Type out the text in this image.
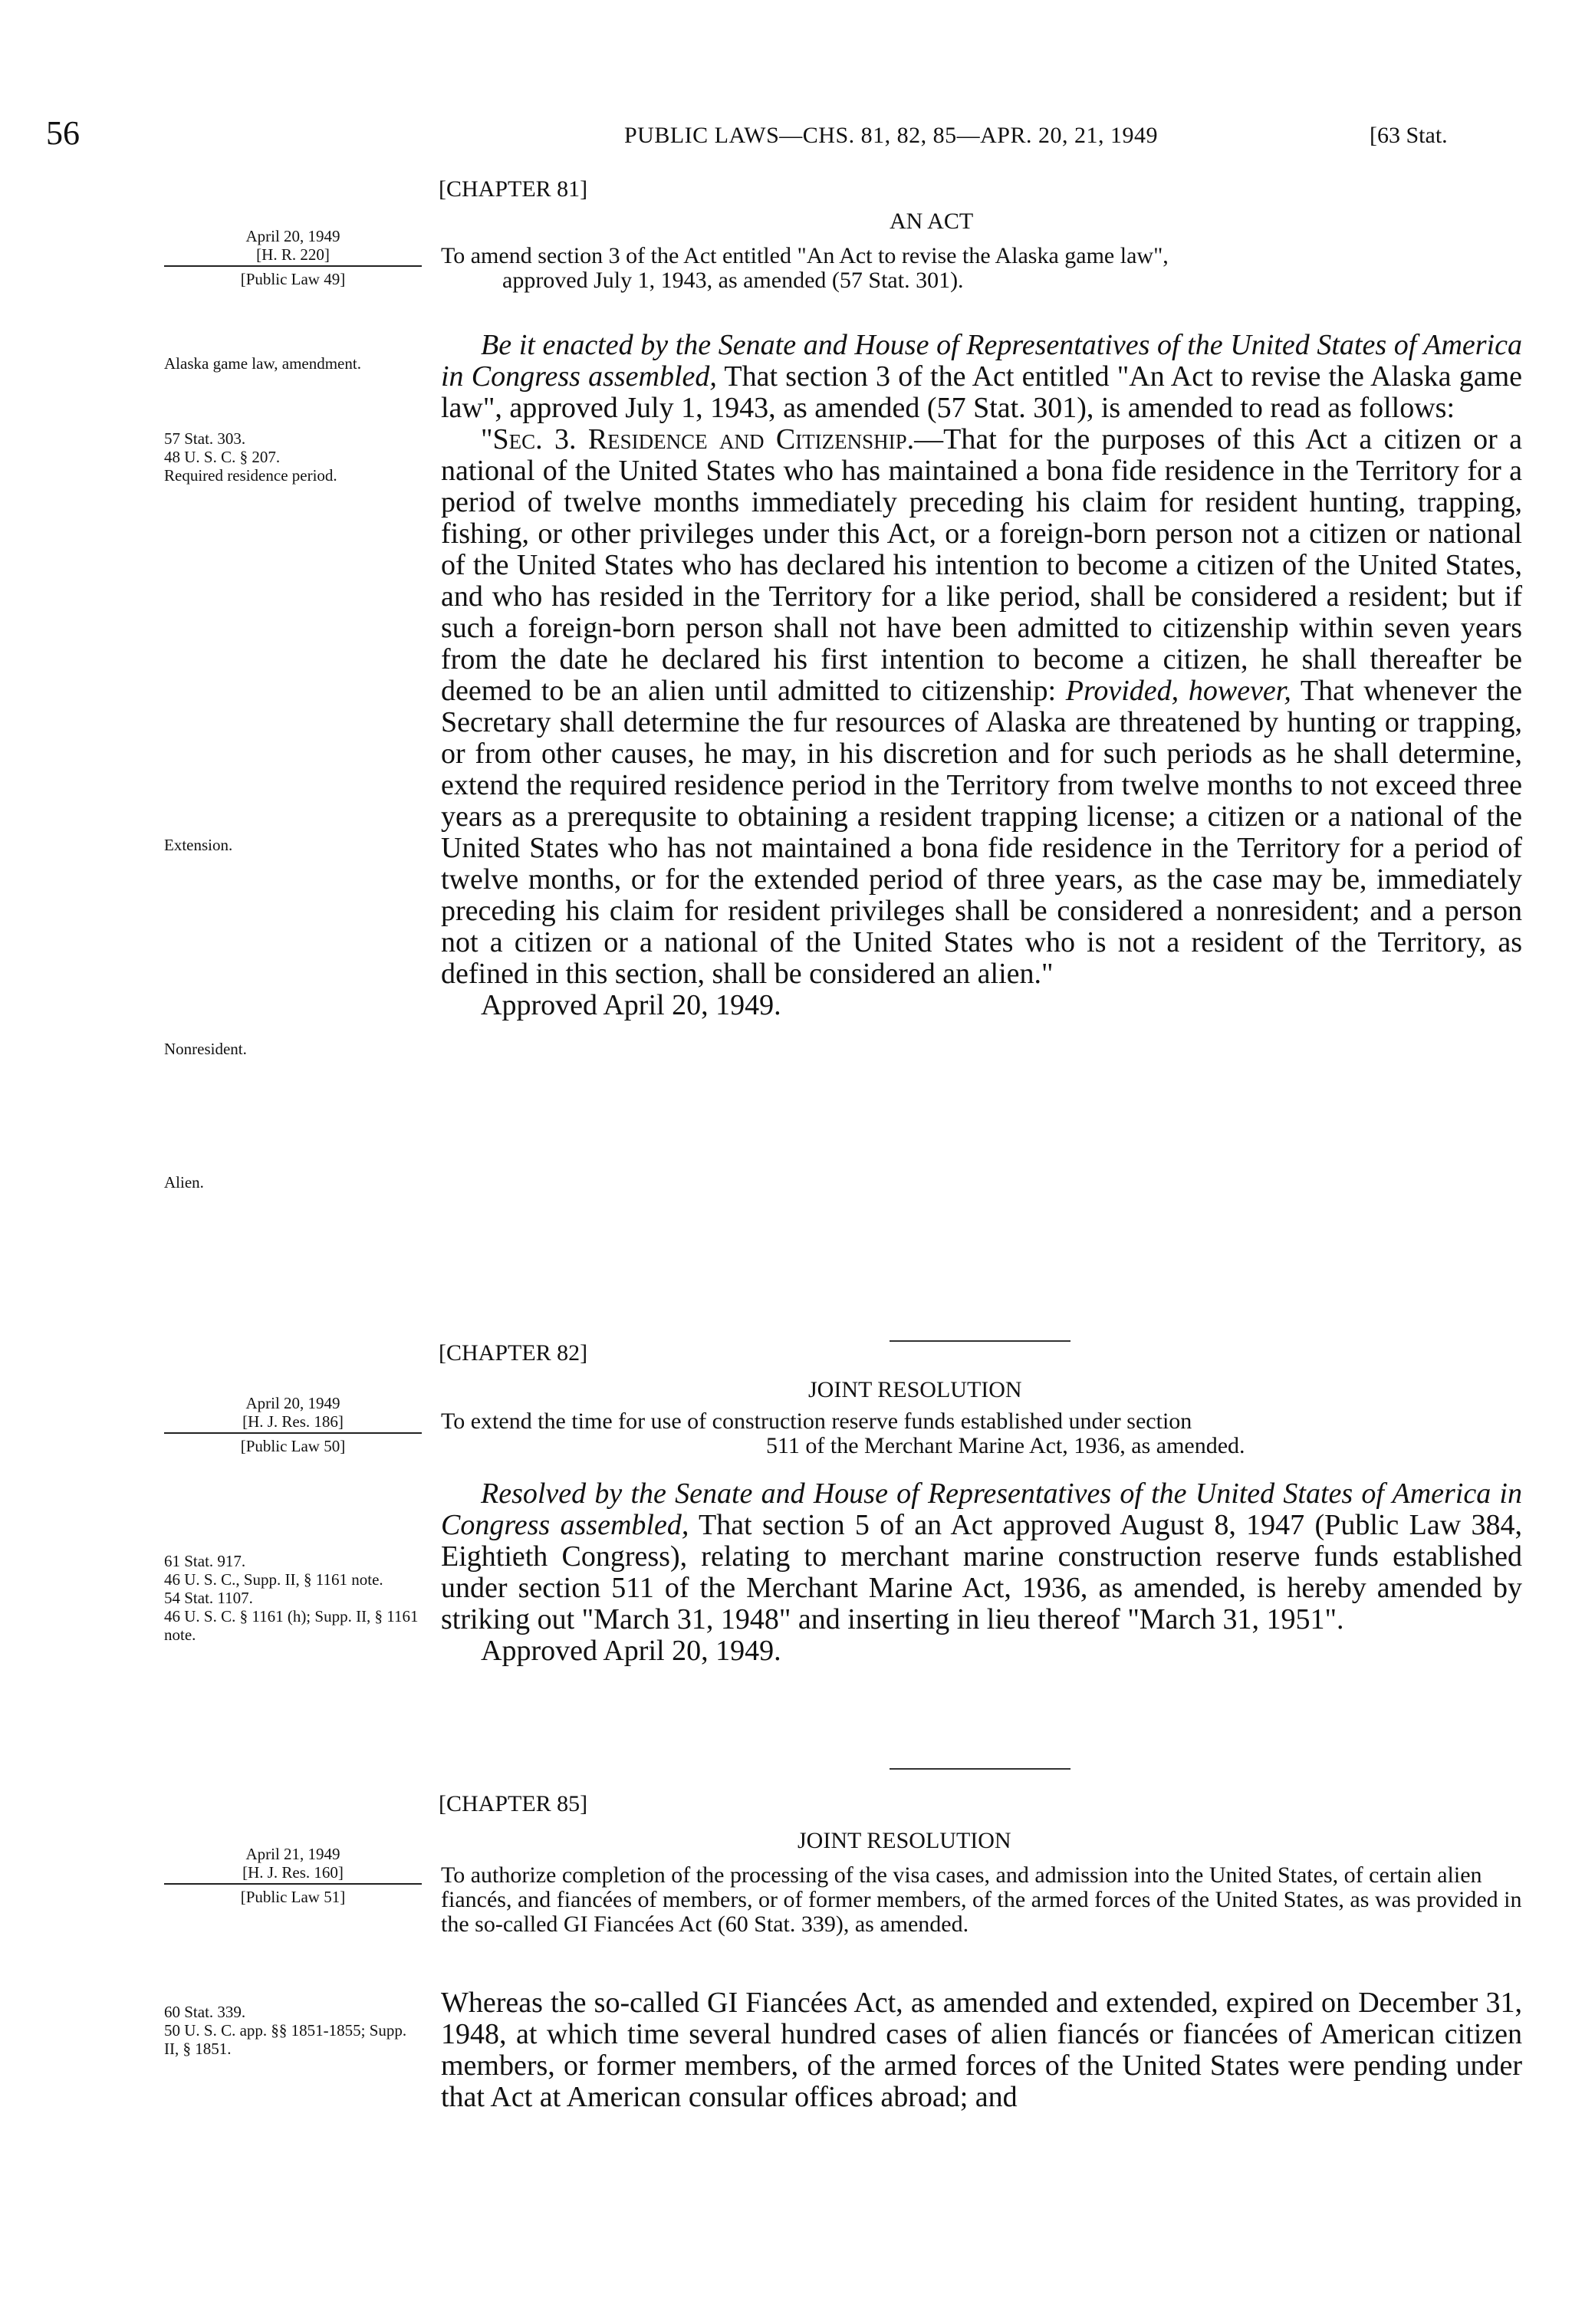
56	PUBLIC LAWS—CHS. 81, 82, 85—APR. 20, 21, 1949	[63 Stat.
[CHAPTER 81]
AN ACT
April 20, 1949
[H. R. 220]
[Public Law 49]
To amend section 3 of the Act entitled "An Act to revise the Alaska game law",
approved July 1, 1943, as amended (57 Stat. 301).
Alaska game law, amendment.
57 Stat. 303.
48 U. S. C. § 207.
Required residence period.
Extension.
Nonresident.
Alien.

Be it enacted by the Senate and House of Representatives of the United States of America in Congress assembled, That section 3 of the Act entitled "An Act to revise the Alaska game law", approved July 1, 1943, as amended (57 Stat. 301), is amended to read as follows:

"Sec. 3. Residence and Citizenship.—That for the purposes of this Act a citizen or a national of the United States who has maintained a bona fide residence in the Territory for a period of twelve months immediately preceding his claim for resident hunting, trapping, fishing, or other privileges under this Act, or a foreign-born person not a citizen or national of the United States who has declared his intention to become a citizen of the United States, and who has resided in the Territory for a like period, shall be considered a resident; but if such a foreign-born person shall not have been admitted to citizenship within seven years from the date he declared his first intention to become a citizen, he shall thereafter be deemed to be an alien until admitted to citizenship: Provided, however, That whenever the Secretary shall determine the fur resources of Alaska are threatened by hunting or trapping, or from other causes, he may, in his discretion and for such periods as he shall determine, extend the required residence period in the Territory from twelve months to not exceed three years as a prerequsite to obtaining a resident trapping license; a citizen or a national of the United States who has not maintained a bona fide residence in the Territory for a period of twelve months, or for the extended period of three years, as the case may be, immediately preceding his claim for resident privileges shall be considered a nonresident; and a person not a citizen or a national of the United States who is not a resident of the Territory, as defined in this section, shall be considered an alien."

Approved April 20, 1949.

[CHAPTER 82]
JOINT RESOLUTION
April 20, 1949
[H. J. Res. 186]
[Public Law 50]
To extend the time for use of construction reserve funds established under section
511 of the Merchant Marine Act, 1936, as amended.
61 Stat. 917.
46 U. S. C., Supp. II, § 1161 note.
54 Stat. 1107.
46 U. S. C. § 1161 (h); Supp. II, § 1161 note.

Resolved by the Senate and House of Representatives of the United States of America in Congress assembled, That section 5 of an Act approved August 8, 1947 (Public Law 384, Eightieth Congress), relating to merchant marine construction reserve funds established under section 511 of the Merchant Marine Act, 1936, as amended, is hereby amended by striking out "March 31, 1948" and inserting in lieu thereof "March 31, 1951".

Approved April 20, 1949.

[CHAPTER 85]
JOINT RESOLUTION
April 21, 1949
[H. J. Res. 160]
[Public Law 51]
To authorize completion of the processing of the visa cases, and admission into the United States, of certain alien fiancés, and fiancées of members, or of former members, of the armed forces of the United States, as was provided in the so-called GI Fiancées Act (60 Stat. 339), as amended.
60 Stat. 339.
50 U. S. C. app. §§ 1851-1855; Supp. II, § 1851.

Whereas the so-called GI Fiancées Act, as amended and extended, expired on December 31, 1948, at which time several hundred cases of alien fiancés or fiancées of American citizen members, or former members, of the armed forces of the United States were pending under that Act at American consular offices abroad; and
